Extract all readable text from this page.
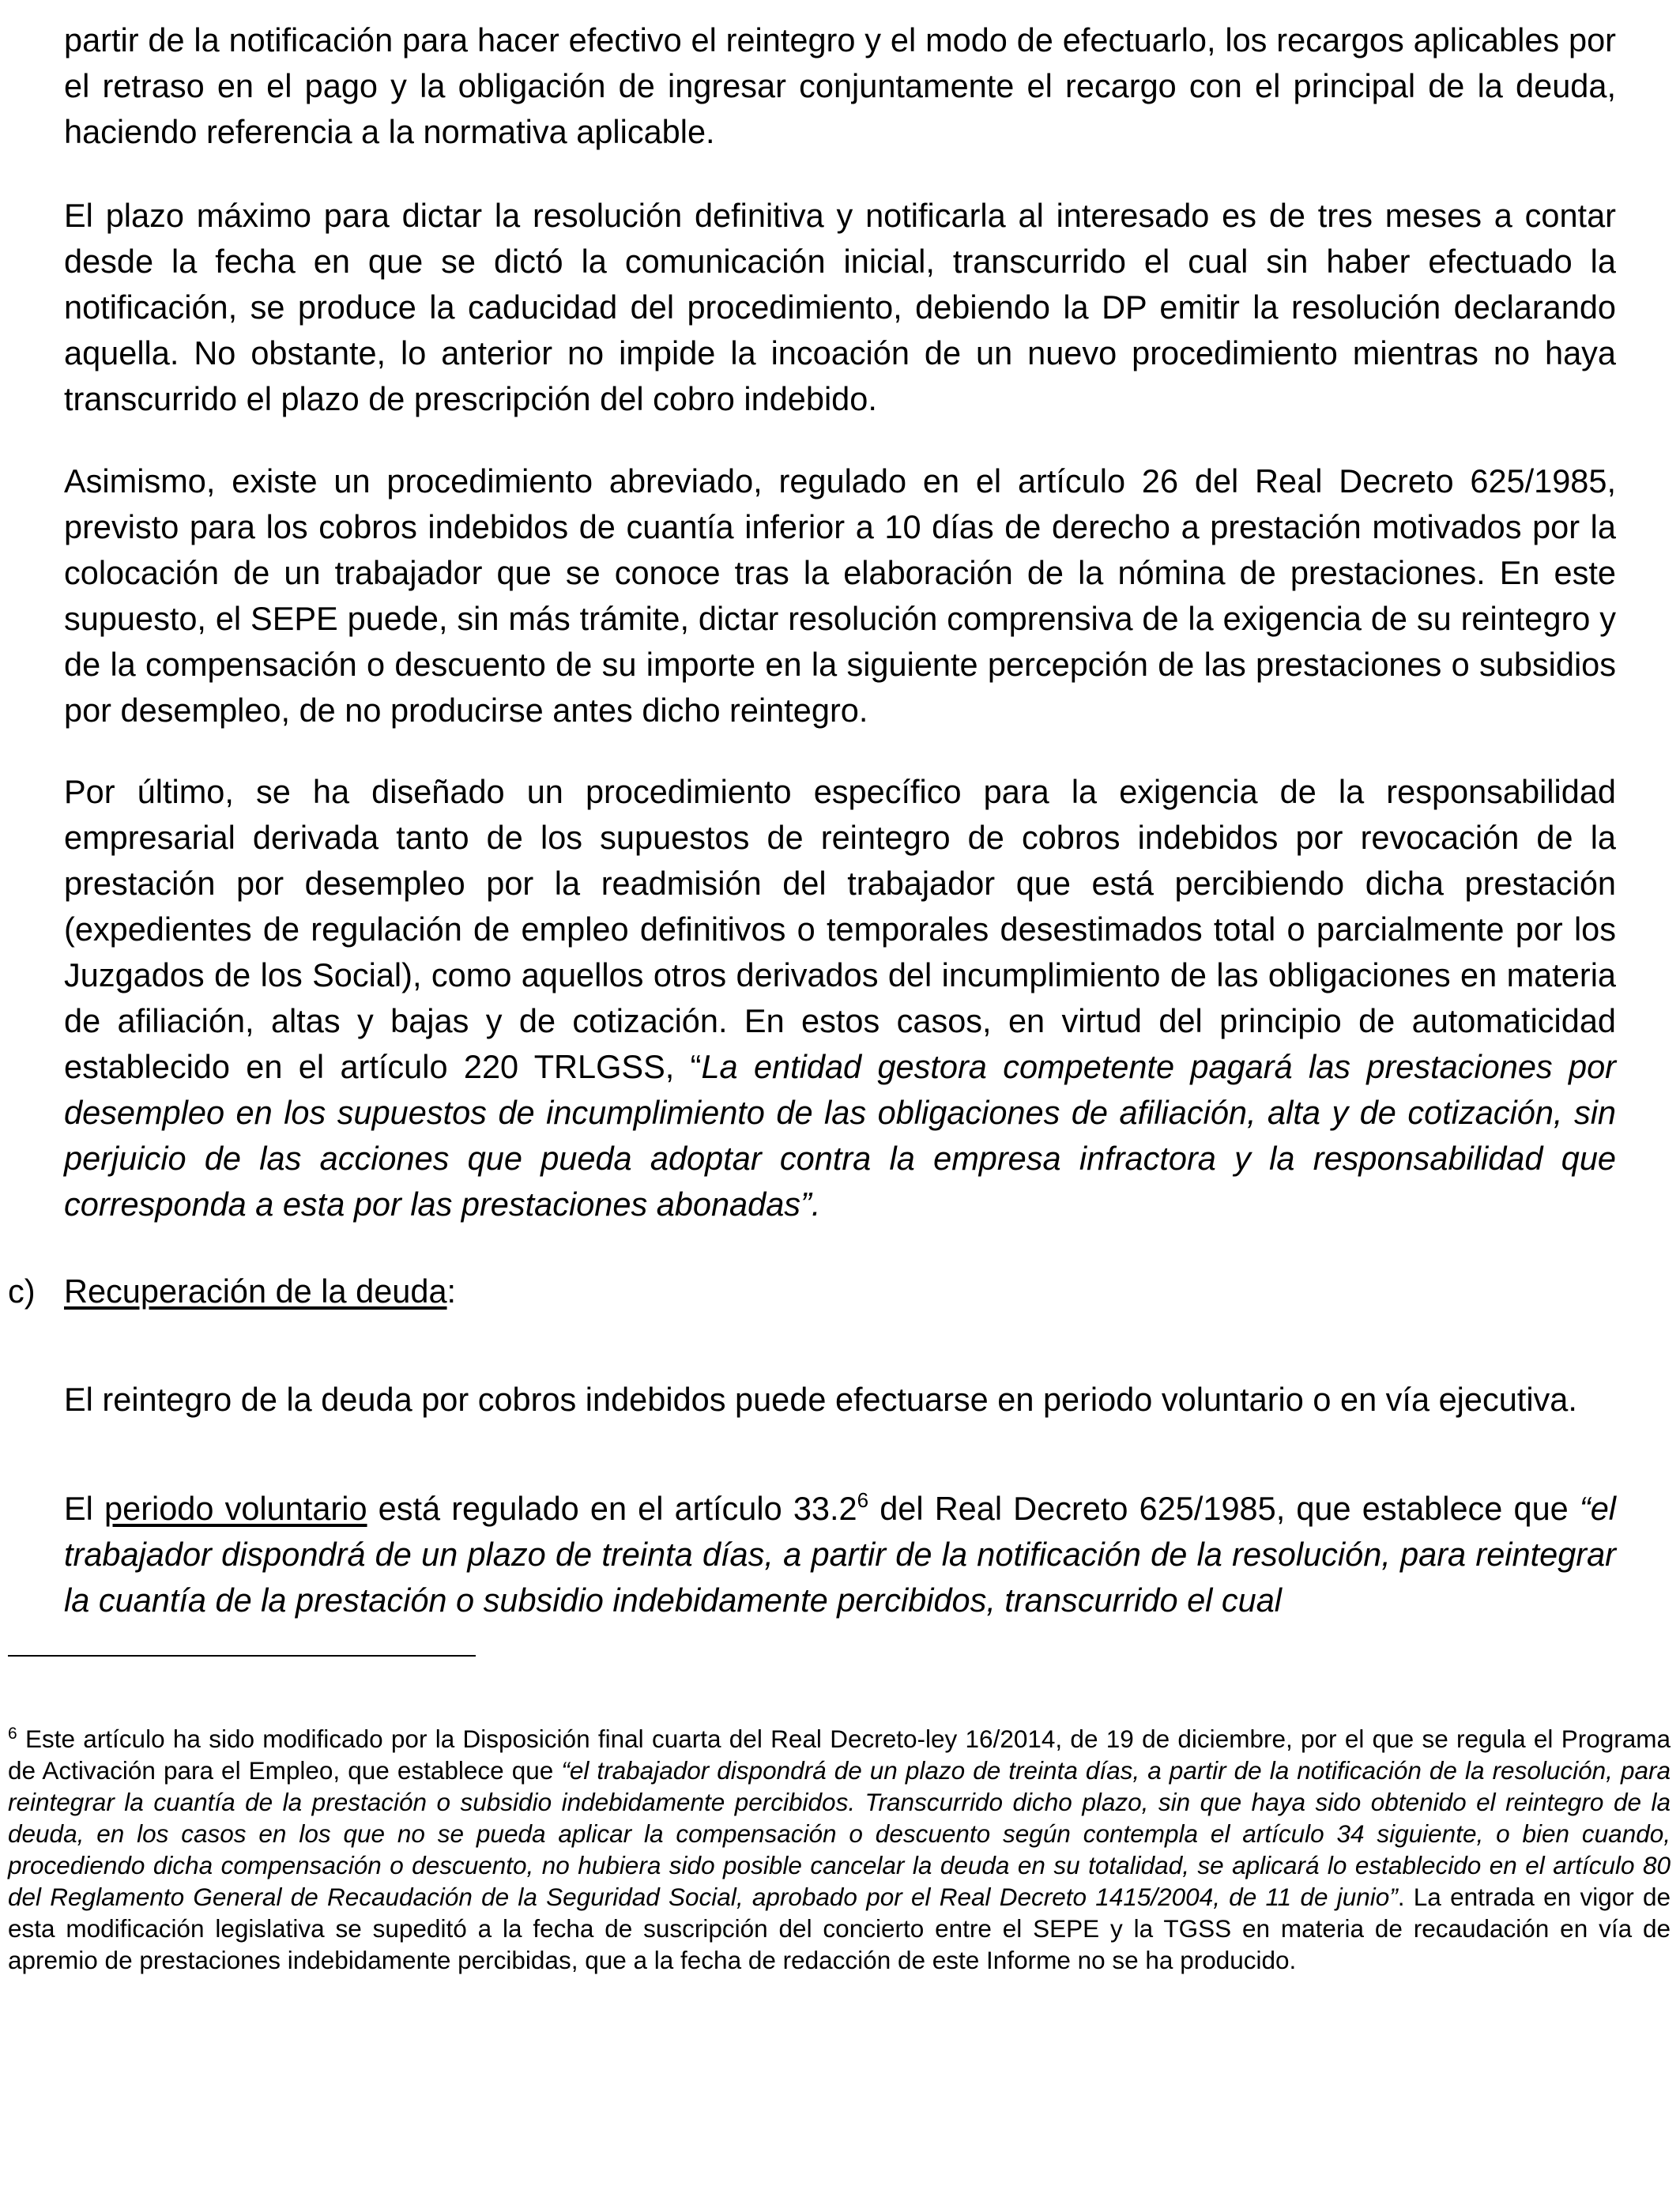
partir de la notificación para hacer efectivo el reintegro y el modo de efectuarlo, los recargos aplicables por el retraso en el pago y la obligación de ingresar conjuntamente el recargo con el principal de la deuda, haciendo referencia a la normativa aplicable.

El plazo máximo para dictar la resolución definitiva y notificarla al interesado es de tres meses a contar desde la fecha en que se dictó la comunicación inicial, transcurrido el cual sin haber efectuado la notificación, se produce la caducidad del procedimiento, debiendo la DP emitir la resolución declarando aquella. No obstante, lo anterior no impide la incoación de un nuevo procedimiento mientras no haya transcurrido el plazo de prescripción del cobro indebido.

Asimismo, existe un procedimiento abreviado, regulado en el artículo 26 del Real Decreto 625/1985, previsto para los cobros indebidos de cuantía inferior a 10 días de derecho a prestación motivados por la colocación de un trabajador que se conoce tras la elaboración de la nómina de prestaciones. En este supuesto, el SEPE puede, sin más trámite, dictar resolución comprensiva de la exigencia de su reintegro y de la compensación o descuento de su importe en la siguiente percepción de las prestaciones o subsidios por desempleo, de no producirse antes dicho reintegro.

Por último, se ha diseñado un procedimiento específico para la exigencia de la responsabilidad empresarial derivada tanto de los supuestos de reintegro de cobros indebidos por revocación de la prestación por desempleo por la readmisión del trabajador que está percibiendo dicha prestación (expedientes de regulación de empleo definitivos o temporales desestimados total o parcialmente por los Juzgados de los Social), como aquellos otros derivados del incumplimiento de las obligaciones en materia de afiliación, altas y bajas y de cotización. En estos casos, en virtud del principio de automaticidad establecido en el artículo 220 TRLGSS, “La entidad gestora competente pagará las prestaciones por desempleo en los supuestos de incumplimiento de las obligaciones de afiliación, alta y de cotización, sin perjuicio de las acciones que pueda adoptar contra la empresa infractora y la responsabilidad que corresponda a esta por las prestaciones abonadas”.

c) Recuperación de la deuda:

El reintegro de la deuda por cobros indebidos puede efectuarse en periodo voluntario o en vía ejecutiva.

El periodo voluntario está regulado en el artículo 33.2$^6$ del Real Decreto 625/1985, que establece que “el trabajador dispondrá de un plazo de treinta días, a partir de la notificación de la resolución, para reintegrar la cuantía de la prestación o subsidio indebidamente percibidos, transcurrido el cual

$^6$ Este artículo ha sido modificado por la Disposición final cuarta del Real Decreto-ley 16/2014, de 19 de diciembre, por el que se regula el Programa de Activación para el Empleo, que establece que “el trabajador dispondrá de un plazo de treinta días, a partir de la notificación de la resolución, para reintegrar la cuantía de la prestación o subsidio indebidamente percibidos. Transcurrido dicho plazo, sin que haya sido obtenido el reintegro de la deuda, en los casos en los que no se pueda aplicar la compensación o descuento según contempla el artículo 34 siguiente, o bien cuando, procediendo dicha compensación o descuento, no hubiera sido posible cancelar la deuda en su totalidad, se aplicará lo establecido en el artículo 80 del Reglamento General de Recaudación de la Seguridad Social, aprobado por el Real Decreto 1415/2004, de 11 de junio”. La entrada en vigor de esta modificación legislativa se supeditó a la fecha de suscripción del concierto entre el SEPE y la TGSS en materia de recaudación en vía de apremio de prestaciones indebidamente percibidas, que a la fecha de redacción de este Informe no se ha producido.
